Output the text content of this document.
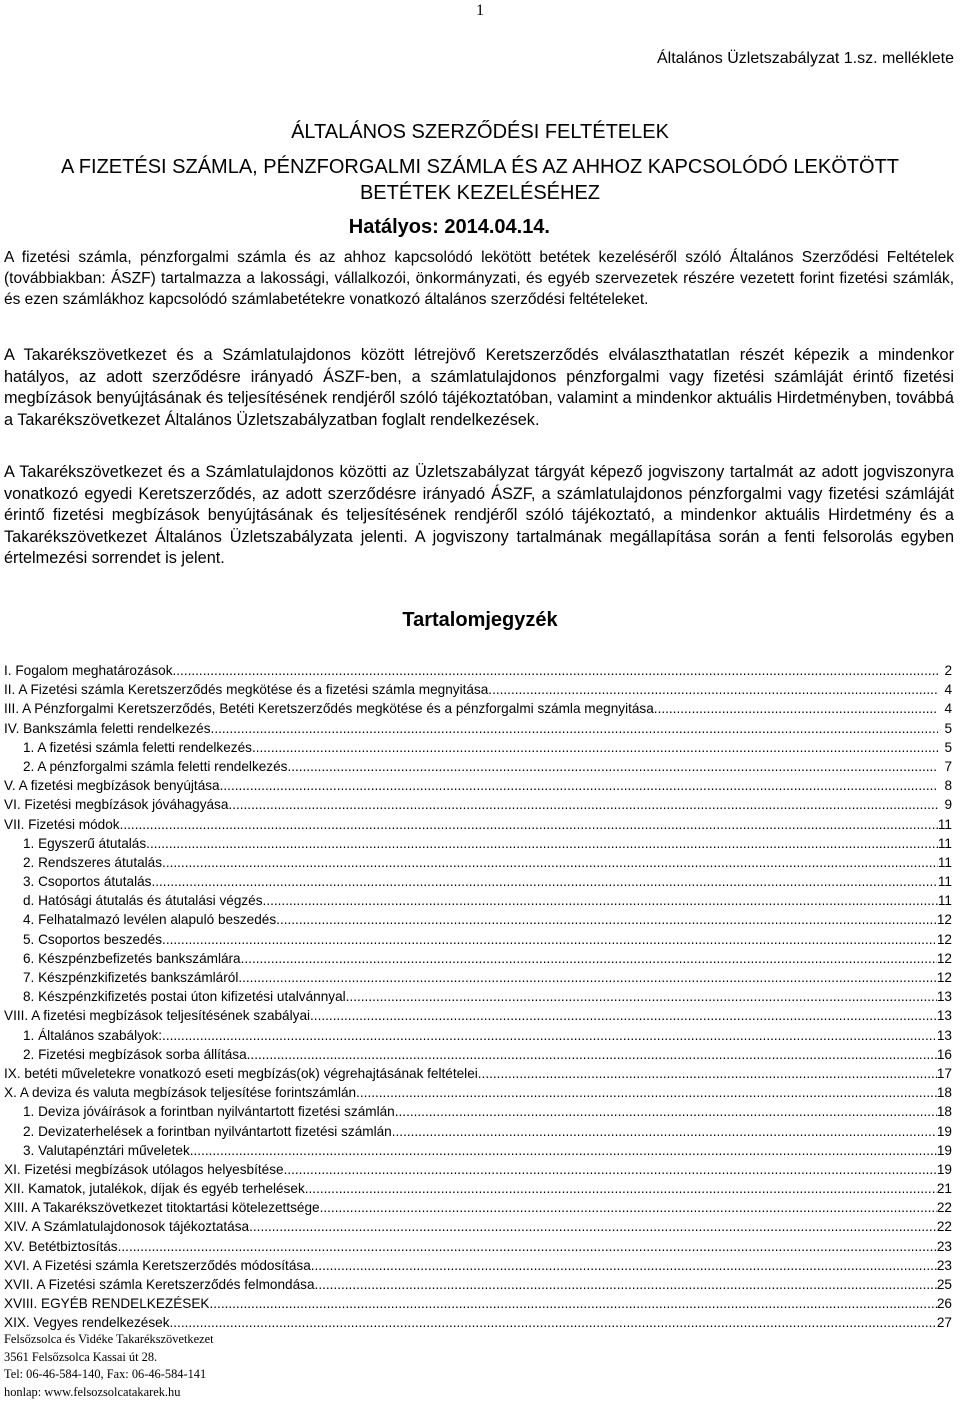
1
Általános Üzletszabályzat 1.sz. melléklete
ÁLTALÁNOS SZERZŐDÉSI FELTÉTELEK
A FIZETÉSI SZÁMLA, PÉNZFORGALMI SZÁMLA ÉS AZ AHHOZ KAPCSOLÓDÓ LEKÖTÖTT
BETÉTEK KEZELÉSÉHEZ
Hatályos: 2014.04.14.

A fizetési számla, pénzforgalmi számla és az ahhoz kapcsolódó lekötött betétek kezeléséről szóló Általános Szerződési Feltételek (továbbiakban: ÁSZF) tartalmazza a lakossági, vállalkozói, önkormányzati, és egyéb szervezetek részére vezetett forint fizetési számlák, és ezen számlákhoz kapcsolódó számlabetétekre vonatkozó általános szerződési feltételeket.

A Takarékszövetkezet és a Számlatulajdonos között létrejövő Keretszerződés elválaszthatatlan részét képezik a mindenkor hatályos, az adott szerződésre irányadó ÁSZF-ben, a számlatulajdonos pénzforgalmi vagy fizetési számláját érintő fizetési megbízások benyújtásának és teljesítésének rendjéről szóló tájékoztatóban, valamint a mindenkor aktuális Hirdetményben, továbbá a Takarékszövetkezet Általános Üzletszabályzatban foglalt rendelkezések.

A Takarékszövetkezet és a Számlatulajdonos közötti az Üzletszabályzat tárgyát képező jogviszony tartalmát az adott jogviszonyra vonatkozó egyedi Keretszerződés, az adott szerződésre irányadó ÁSZF, a számlatulajdonos pénzforgalmi vagy fizetési számláját érintő fizetési megbízások benyújtásának és teljesítésének rendjéről szóló tájékoztató, a mindenkor aktuális Hirdetmény és a Takarékszövetkezet Általános Üzletszabályzata jelenti. A jogviszony tartalmának megállapítása során a fenti felsorolás egyben értelmezési sorrendet is jelent.

Tartalomjegyzék
I. Fogalom meghatározások .....	2
II. A Fizetési számla Keretszerződés megkötése és a fizetési számla megnyitása .....	4
III. A Pénzforgalmi Keretszerződés, Betéti Keretszerződés megkötése és a pénzforgalmi számla megnyitása .....	4
IV. Bankszámla feletti rendelkezés .....	5
1. A fizetési számla feletti rendelkezés .....	5
2. A pénzforgalmi számla feletti rendelkezés .....	7
V. A fizetési megbízások benyújtása .....	8
VI. Fizetési megbízások jóváhagyása .....	9
VII. Fizetési módok .....	11
1. Egyszerű átutalás .....	11
2. Rendszeres átutalás .....	11
3. Csoportos átutalás .....	11
d. Hatósági átutalás és átutalási végzés .....	11
4. Felhatalmazó levélen alapuló beszedés .....	12
5. Csoportos beszedés .....	12
6. Készpénzbefizetés bankszámlára .....	12
7. Készpénzkifizetés bankszámláról .....	12
8. Készpénzkifizetés postai úton kifizetési utalvánnyal .....	13
VIII. A fizetési megbízások teljesítésének szabályai .....	13
1. Általános szabályok: .....	13
2. Fizetési megbízások sorba állítása .....	16
IX. betéti műveletekre vonatkozó eseti megbízás(ok) végrehajtásának feltételei .....	17
X. A deviza és valuta megbízások teljesítése forintszámlán .....	18
1. Deviza jóváírások a forintban nyilvántartott fizetési számlán .....	18
2. Devizaterhelések a forintban nyilvántartott fizetési számlán .....	19
3. Valutapénztári műveletek .....	19
XI. Fizetési megbízások utólagos helyesbítése .....	19
XII. Kamatok, jutalékok, díjak és egyéb terhelések .....	21
XIII. A Takarékszövetkezet titoktartási kötelezettsége .....	22
XIV. A Számlatulajdonosok tájékoztatása .....	22
XV. Betétbiztosítás .....	23
XVI. A Fizetési számla Keretszerződés módosítása .....	23
XVII. A Fizetési számla Keretszerződés felmondása .....	25
XVIII. EGYÉB RENDELKEZÉSEK .....	26
XIX. Vegyes rendelkezések .....	27
Felsőzsolca és Vidéke Takarékszövetkezet
3561 Felsőzsolca Kassai út 28.
Tel: 06-46-584-140, Fax: 06-46-584-141
honlap: www.felsozsolcatakarek.hu
